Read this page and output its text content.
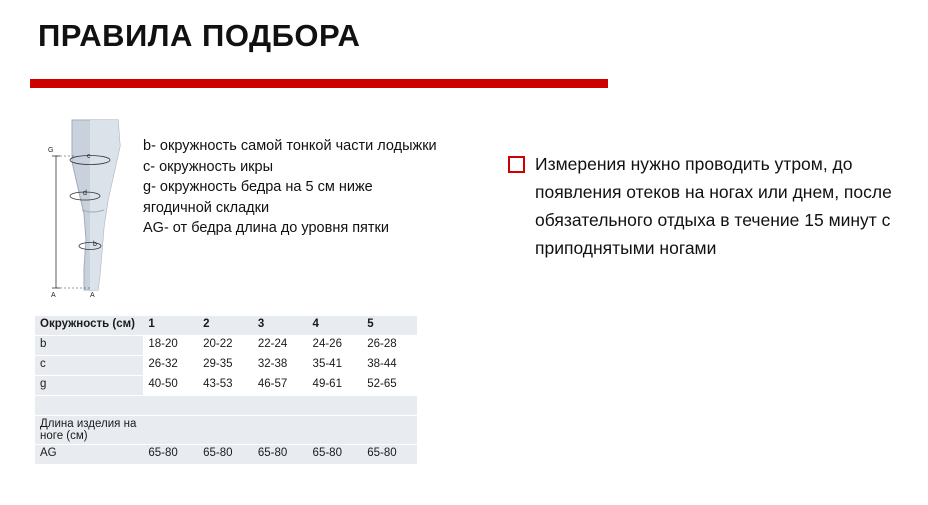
ПРАВИЛА ПОДБОРА
G
c
d
b
A	A
b- окружность самой тонкой части лодыжки
c- окружность икры
g- окружность бедра на 5 см ниже ягодичной складки
AG- от бедра длина до уровня пятки
Измерения нужно проводить утром, до появления отеков на ногах или днем, после обязательного отдыха в течение 15 минут с приподнятыми ногами
Окружность (см)	1	2	3	4	5
b	18-20	20-22	22-24	24-26	26-28
c	26-32	29-35	32-38	35-41	38-44
g	40-50	43-53	46-57	49-61	52-65

Длина изделия на ноге (см)					
AG	65-80	65-80	65-80	65-80	65-80
